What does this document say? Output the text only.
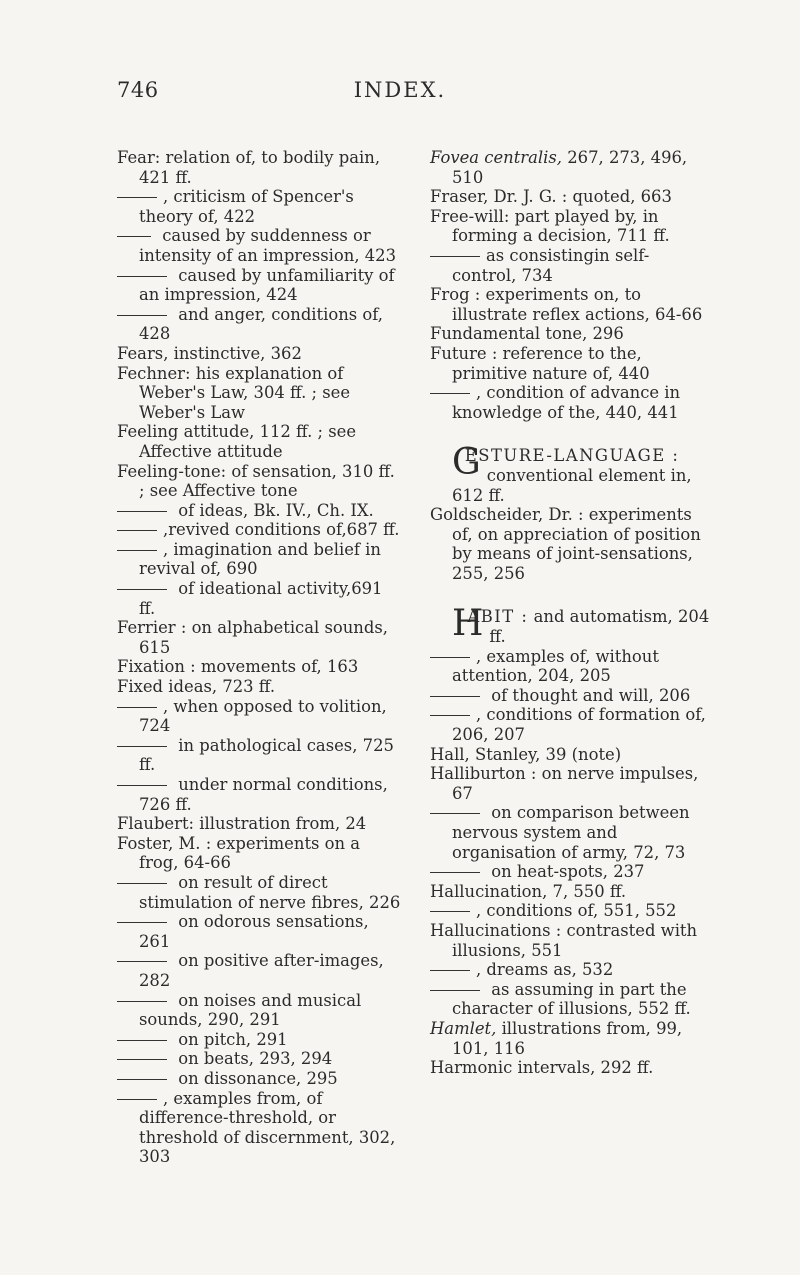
746	INDEX.

Fear: relation of, to bodily pain, 421 ff.

, criticism of Spencer's theory of, 422

caused by suddenness or intensity of an impression, 423

caused by unfamiliarity of an impression, 424

and anger, conditions of, 428

Fears, instinctive, 362

Fechner: his explanation of Weber's Law, 304 ff. ; see Weber's Law

Feeling attitude, 112 ff. ; see Affective attitude

Feeling-tone: of sensation, 310 ff. ; see Affective tone

of ideas, Bk. IV., Ch. IX.

,revived conditions of,687 ff.

, imagination and belief in revival of, 690

of ideational activity,691 ff.

Ferrier : on alphabetical sounds, 615

Fixation : movements of, 163

Fixed ideas, 723 ff.

, when opposed to volition, 724

in pathological cases, 725 ff.

under normal conditions, 726 ff.

Flaubert: illustration from, 24

Foster, M. : experiments on a frog, 64-66

on result of direct stimulation of nerve fibres, 226

on odorous sensations, 261

on positive after-images, 282

on noises and musical sounds, 290, 291

on pitch, 291

on beats, 293, 294

on dissonance, 295

, examples from, of difference-threshold, or threshold of discernment, 302, 303

Fovea centralis, 267, 273, 496, 510

Fraser, Dr. J. G. : quoted, 663

Free-will: part played by, in forming a decision, 711 ff.

as consistingin self-control, 734

Frog : experiments on, to illustrate reflex actions, 64-66

Fundamental tone, 296

Future : reference to the, primitive nature of, 440

, condition of advance in knowledge of the, 440, 441

G
ESTURE-LANGUAGE : conventional element in, 612 ff.

Goldscheider, Dr. : experiments of, on appreciation of position by means of joint-sensations, 255, 256

H
ABIT : and automatism, 204 ff.

, examples of, without attention, 204, 205

of thought and will, 206

, conditions of formation of, 206, 207

Hall, Stanley, 39 (note)

Halliburton : on nerve impulses, 67

on comparison between nervous system and organisation of army, 72, 73

on heat-spots, 237

Hallucination, 7, 550 ff.

, conditions of, 551, 552

Hallucinations : contrasted with illusions, 551

, dreams as, 532

as assuming in part the character of illusions, 552 ff.

Hamlet, illustrations from, 99, 101, 116

Harmonic intervals, 292 ff.
